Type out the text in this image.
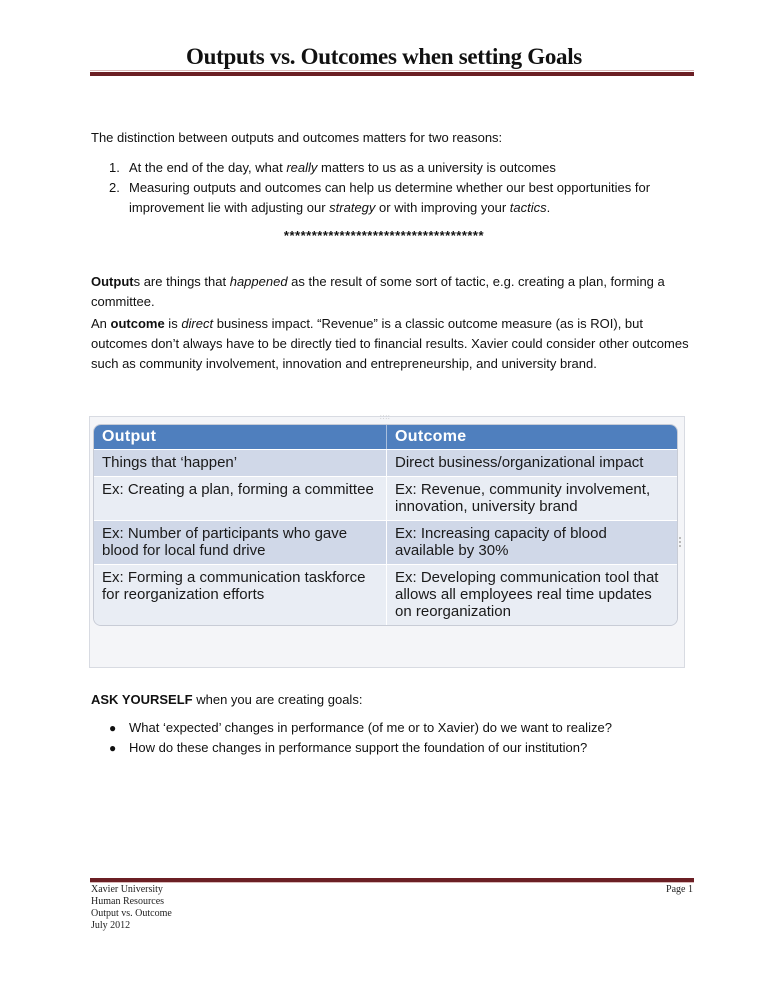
Outputs vs. Outcomes when setting Goals
The distinction between outputs and outcomes matters for two reasons:
1. At the end of the day, what really matters to us as a university is outcomes
2. Measuring outputs and outcomes can help us determine whether our best opportunities for improvement lie with adjusting our strategy or with improving your tactics.
************************************
Outputs are things that happened as the result of some sort of tactic, e.g. creating a plan, forming a committee.
An outcome is direct business impact. “Revenue” is a classic outcome measure (as is ROI), but outcomes don’t always have to be directly tied to financial results. Xavier could consider other outcomes such as community involvement, innovation and entrepreneurship, and university brand.
::::
Output	Outcome
Things that ‘happen’	Direct business/organizational impact
Ex: Creating a plan, forming a committee	Ex: Revenue, community involvement, innovation, university brand
Ex: Number of participants who gave blood for local fund drive	Ex: Increasing capacity of blood available by 30%
Ex: Forming a communication taskforce for reorganization efforts	Ex: Developing communication tool that allows all employees real time updates on reorganization
ASK YOURSELF when you are creating goals:
● What ‘expected’ changes in performance (of me or to Xavier) do we want to realize?
● How do these changes in performance support the foundation of our institution?
Xavier University
Human Resources
Output vs. Outcome
July 2012
Page 1
